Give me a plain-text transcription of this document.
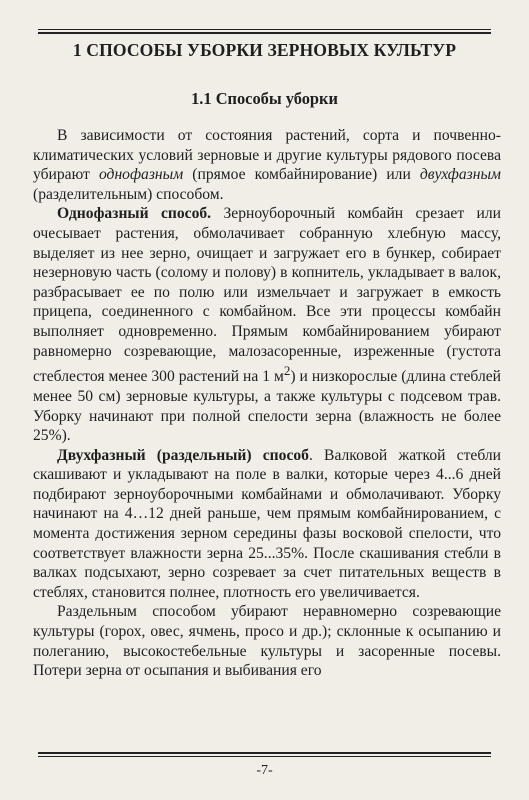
1 СПОСОБЫ УБОРКИ ЗЕРНОВЫХ КУЛЬТУР
1.1 Способы уборки

В зависимости от состояния растений, сорта и почвенно-климатических условий зерновые и другие культуры рядового посева убирают однофазным (прямое комбайнирование) или двухфазным (разделительным) способом.

Однофазный способ. Зерноуборочный комбайн срезает или очесывает растения, обмолачивает собранную хлебную массу, выделяет из нее зерно, очищает и загружает его в бункер, собирает незерновую часть (солому и полову) в копнитель, укладывает в валок, разбрасывает ее по полю или измельчает и загружает в емкость прицепа, соединенного с комбайном. Все эти процессы комбайн выполняет одновременно. Прямым комбайнированием убирают равномерно созревающие, малозасоренные, изреженные (густота стеблестоя менее 300 растений на 1 $м^2$) и низкорослые (длина стеблей менее 50 см) зерновые культуры, а также культуры с подсевом трав. Уборку начинают при полной спелости зерна (влажность не более 25%).

Двухфазный (раздельный) способ. Валковой жаткой стебли скашивают и укладывают на поле в валки, которые через 4...6 дней подбирают зерноуборочными комбайнами и обмолачивают. Уборку начинают на 4…12 дней раньше, чем прямым комбайнированием, с момента достижения зерном середины фазы восковой спелости, что соответствует влажности зерна 25...35%. После скашивания стебли в валках подсыхают, зерно созревает за счет питательных веществ в стеблях, становится полнее, плотность его увеличивается.

Раздельным способом убирают неравномерно созревающие культуры (горох, овес, ячмень, просо и др.); склонные к осыпанию и полеганию, высокостебельные культуры и засоренные посевы. Потери зерна от осыпания и выбивания его

-7-
